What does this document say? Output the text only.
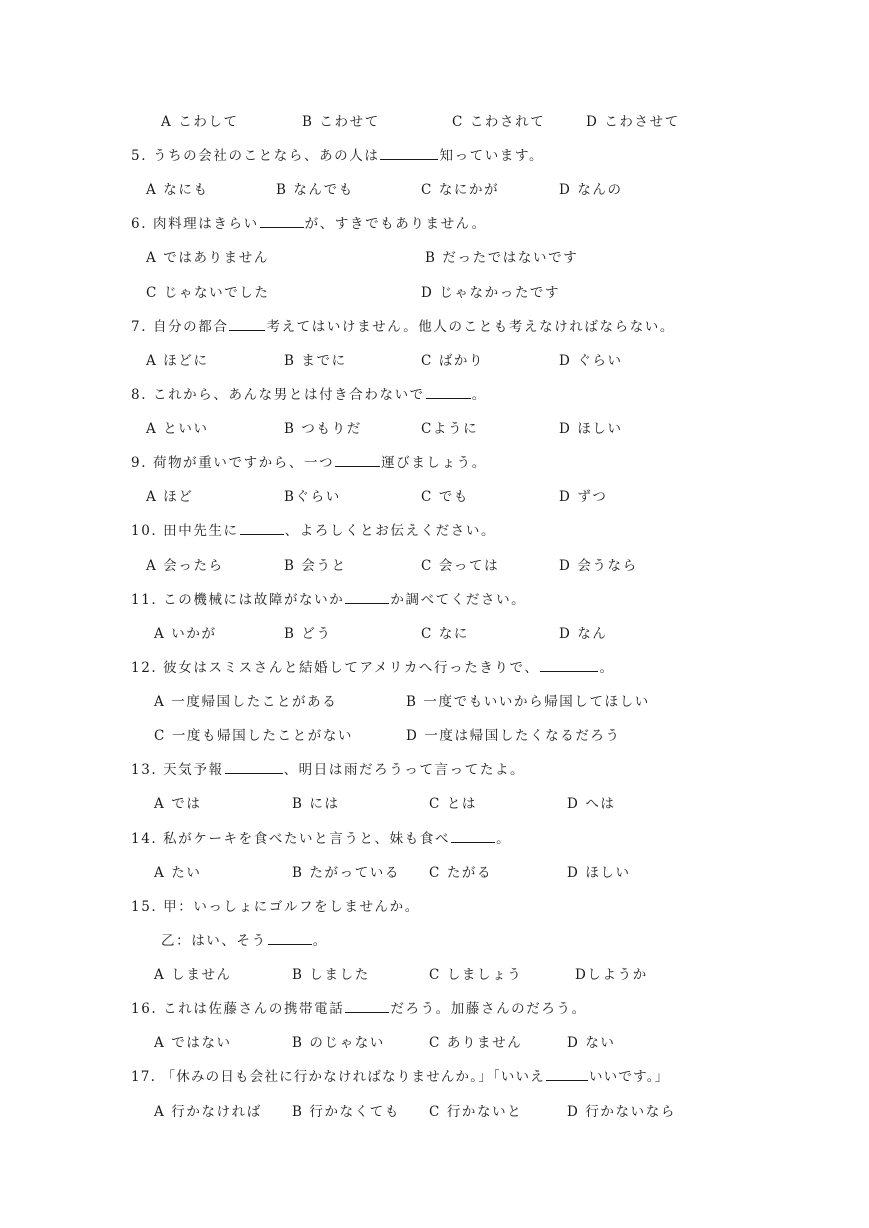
A こわして	B こわせて	C こわされて	D こわさせて
5. うちの会社のことなら、あの人は	知っています。
A なにも	B なんでも	C なにかが	D なんの
6. 肉料理はきらい	が、すきでもありません。
A ではありません	B だったではないです
C じゃないでした	D じゃなかったです
7. 自分の都合	考えてはいけません。他人のことも考えなければならない。
A ほどに	B までに	C ばかり	D ぐらい
8. これから、あんな男とは付き合わないで	。
A といい	B つもりだ	Cように	D ほしい
9. 荷物が重いですから、一つ	運びましょう。
A ほど	Bぐらい	C でも	D ずつ
10. 田中先生に	、よろしくとお伝えください。
A 会ったら	B 会うと	C 会っては	D 会うなら
11. この機械には故障がないか	か調べてください。
A いかが	B どう	C なに	D なん
12. 彼女はスミスさんと結婚してアメリカへ行ったきりで、	。
A 一度帰国したことがある	B 一度でもいいから帰国してほしい
C 一度も帰国したことがない	D 一度は帰国したくなるだろう
13. 天気予報	、明日は雨だろうって言ってたよ。
A では	B には	C とは	D へは
14. 私がケーキを食べたいと言うと、妹も食べ	。
A たい	B たがっている C たがる	D ほしい
15. 甲：いっしょにゴルフをしませんか。
乙：はい、そう	。
A しません	B しました	C しましょう	Dしようか
16. これは佐藤さんの携帯電話	だろう。加藤さんのだろう。
A ではない	B のじゃない	C ありません	D ない
17. 「休みの日も会社に行かなければなりませんか。」「いいえ	いいです。」
A 行かなければ B 行かなくても C 行かないと	D 行かないなら
